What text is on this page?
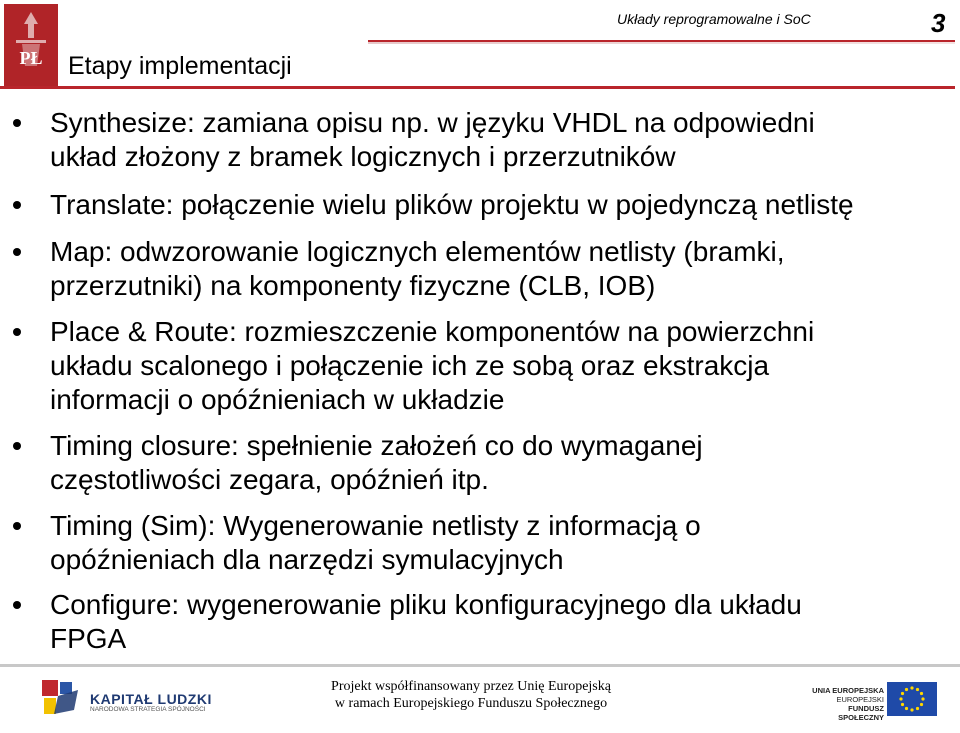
PŁ Etapy implementacji
Układy reprogramowalne i SoC	3
Synthesize: zamiana opisu np. w języku VHDL na odpowiedni
układ złożony z bramek logicznych i przerzutników
Translate: połączenie wielu plików projektu w pojedynczą netlistę
Map: odwzorowanie logicznych elementów netlisty (bramki,
przerzutniki) na komponenty fizyczne (CLB, IOB)
Place & Route: rozmieszczenie komponentów na powierzchni
układu scalonego i połączenie ich ze sobą oraz ekstrakcja
informacji o opóźnieniach w układzie
Timing closure: spełnienie założeń co do wymaganej
częstotliwości zegara, opóźnień itp.
Timing (Sim): Wygenerowanie netlisty z informacją o
opóźnieniach dla narzędzi symulacyjnych
Configure: wygenerowanie pliku konfiguracyjnego dla układu
FPGA
KAPITAŁ LUDZKI
NARODOWA STRATEGIA SPÓJNOŚCI
Projekt współfinansowany przez Unię Europejską
w ramach Europejskiego Funduszu Społecznego
UNIA EUROPEJSKA
EUROPEJSKI
FUNDUSZ SPOŁECZNY
